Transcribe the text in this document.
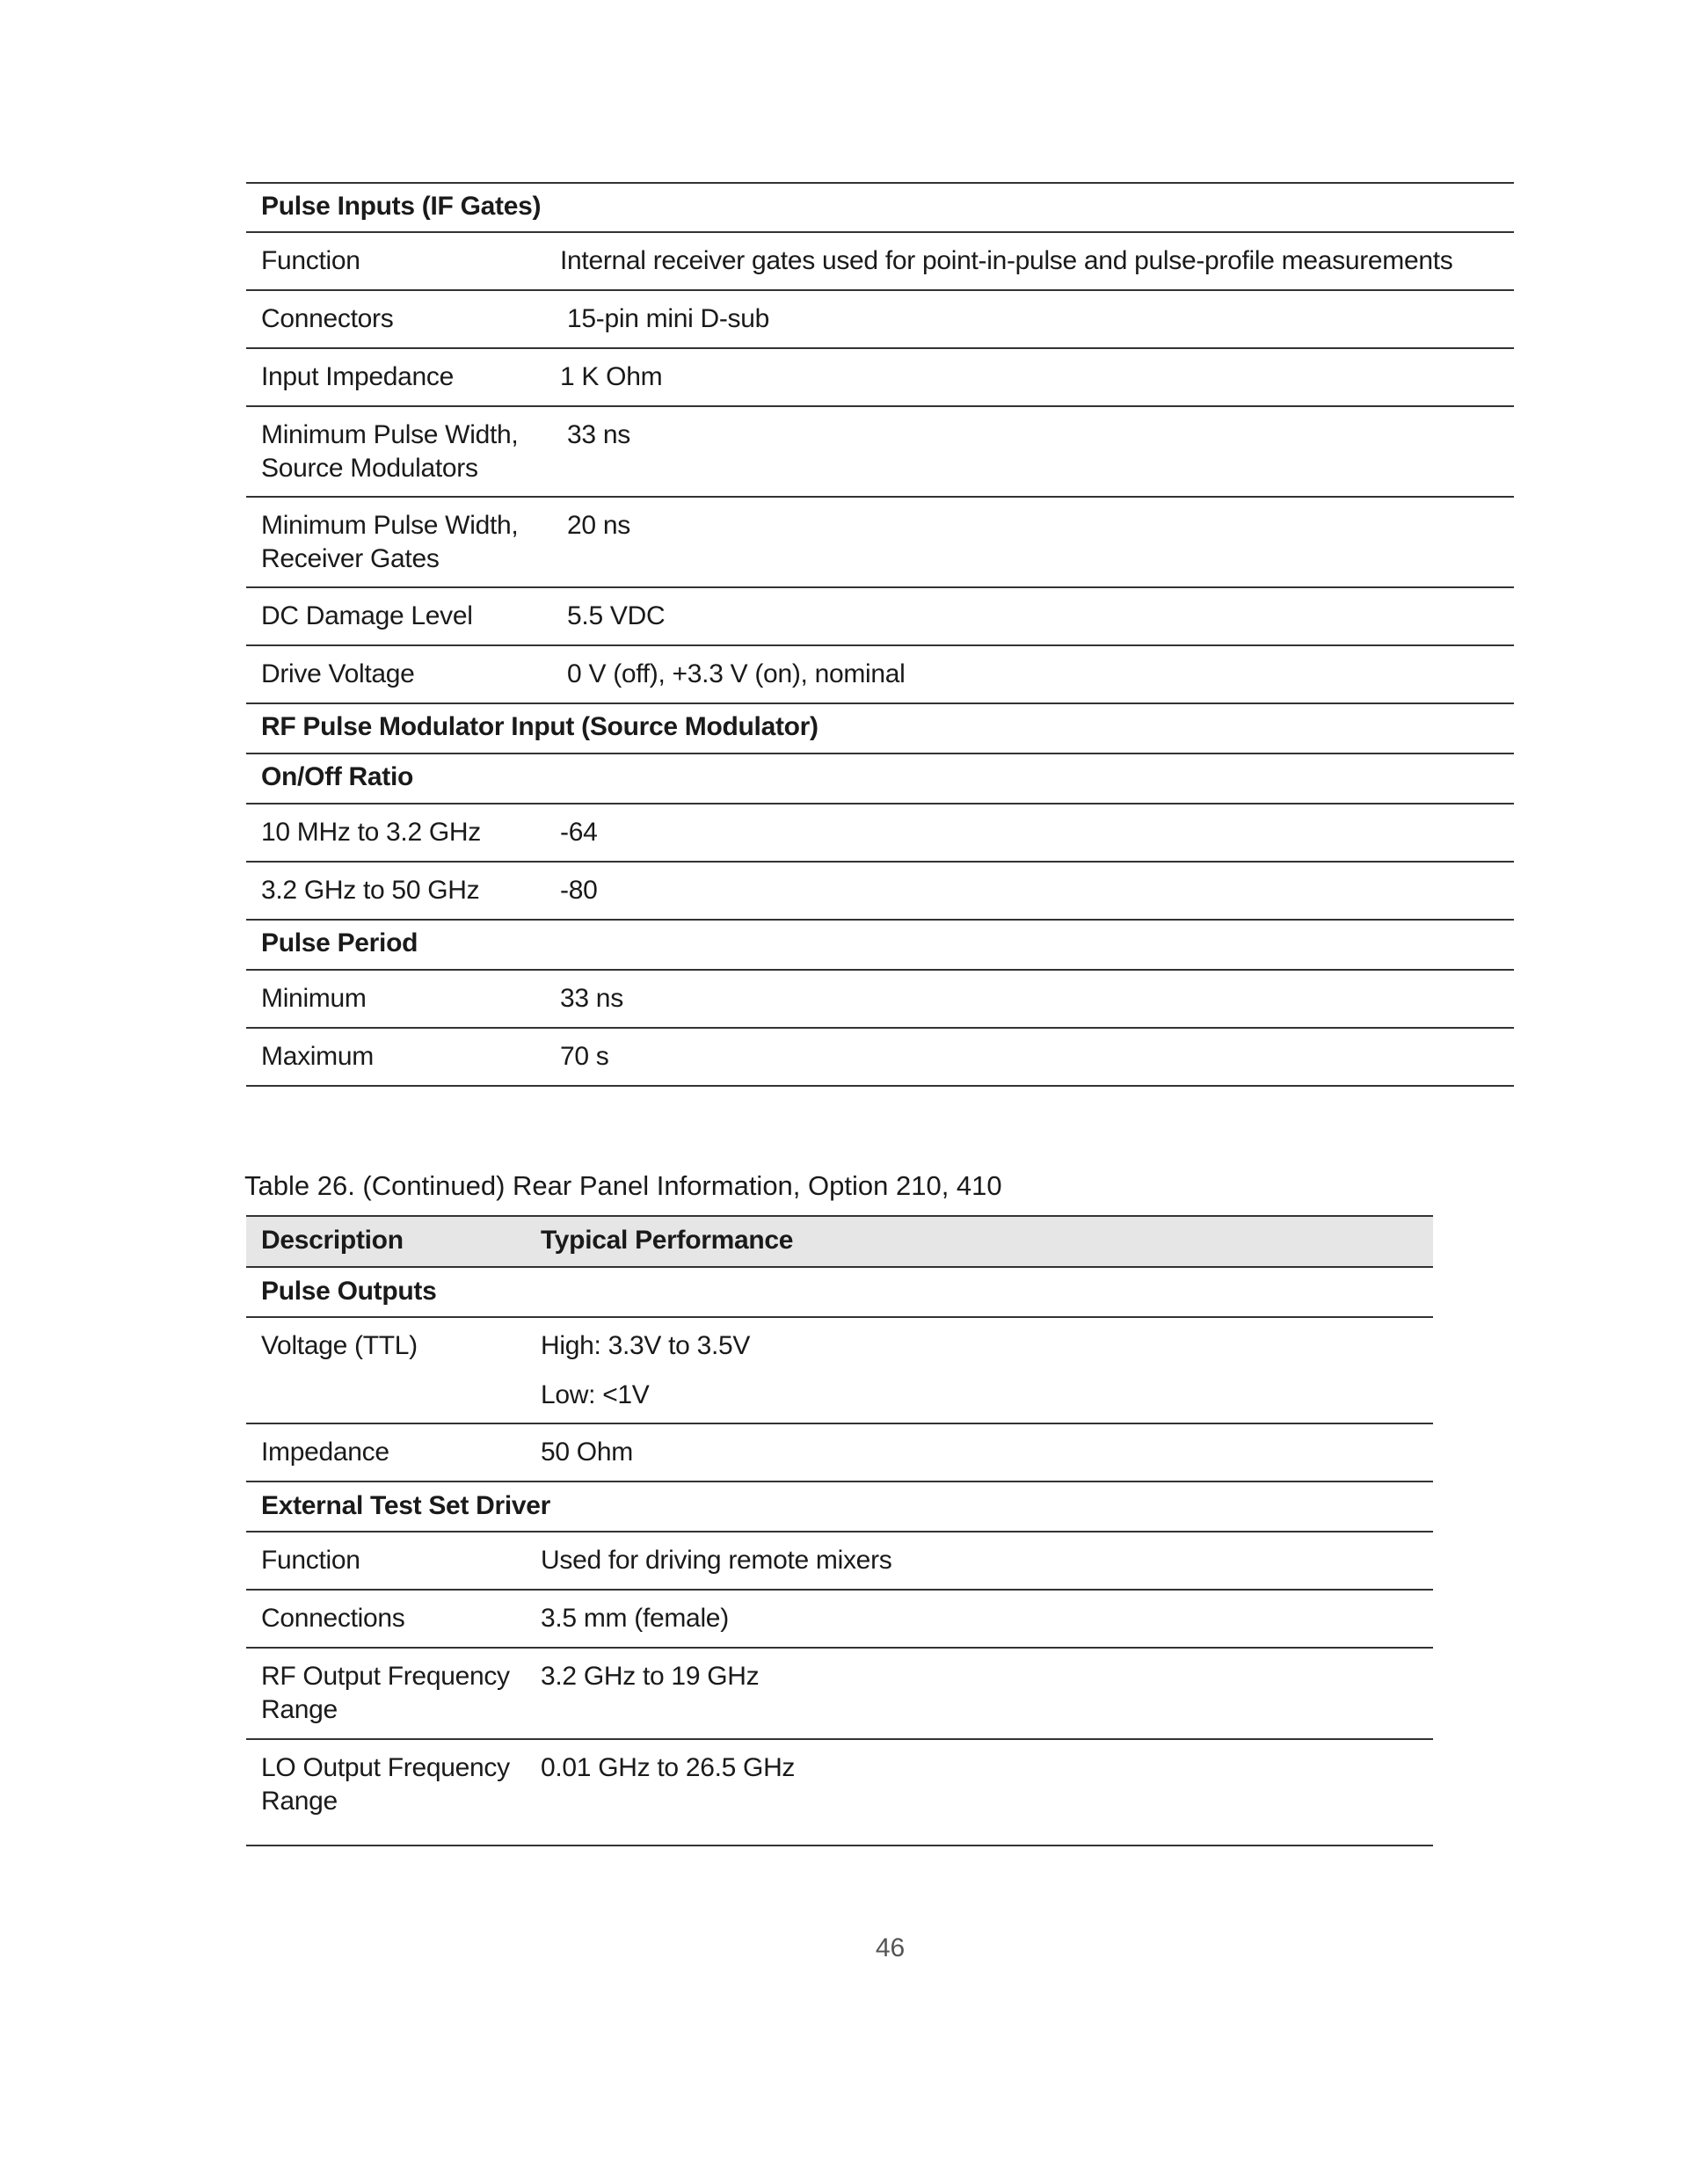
Pulse Inputs (IF Gates)	

Function	Internal receiver gates used for point-in-pulse and pulse-profile measurements

Connectors	15-pin mini D-sub

Input Impedance	1 K Ohm

Minimum Pulse Width,
Source Modulators	33 ns

Minimum Pulse Width,
Receiver Gates	20 ns

DC Damage Level	5.5 VDC

Drive Voltage	0 V (off), +3.3 V (on), nominal

RF Pulse Modulator Input (Source Modulator)	
On/Off Ratio	

10 MHz to 3.2 GHz	-64

3.2 GHz to 50 GHz	-80

Pulse Period	

Minimum	33 ns

Maximum	70 s
Table 26. (Continued) Rear Panel Information, Option 210, 410
Description	Typical Performance
Pulse Outputs	

Voltage (TTL)	High: 3.3V to 3.5V
Low: <1V

Impedance	50 Ohm

External Test Set Driver	

Function	Used for driving remote mixers

Connections	3.5 mm (female)

RF Output Frequency
Range	3.2 GHz to 19 GHz

LO Output Frequency
Range	0.01 GHz to 26.5 GHz
46
